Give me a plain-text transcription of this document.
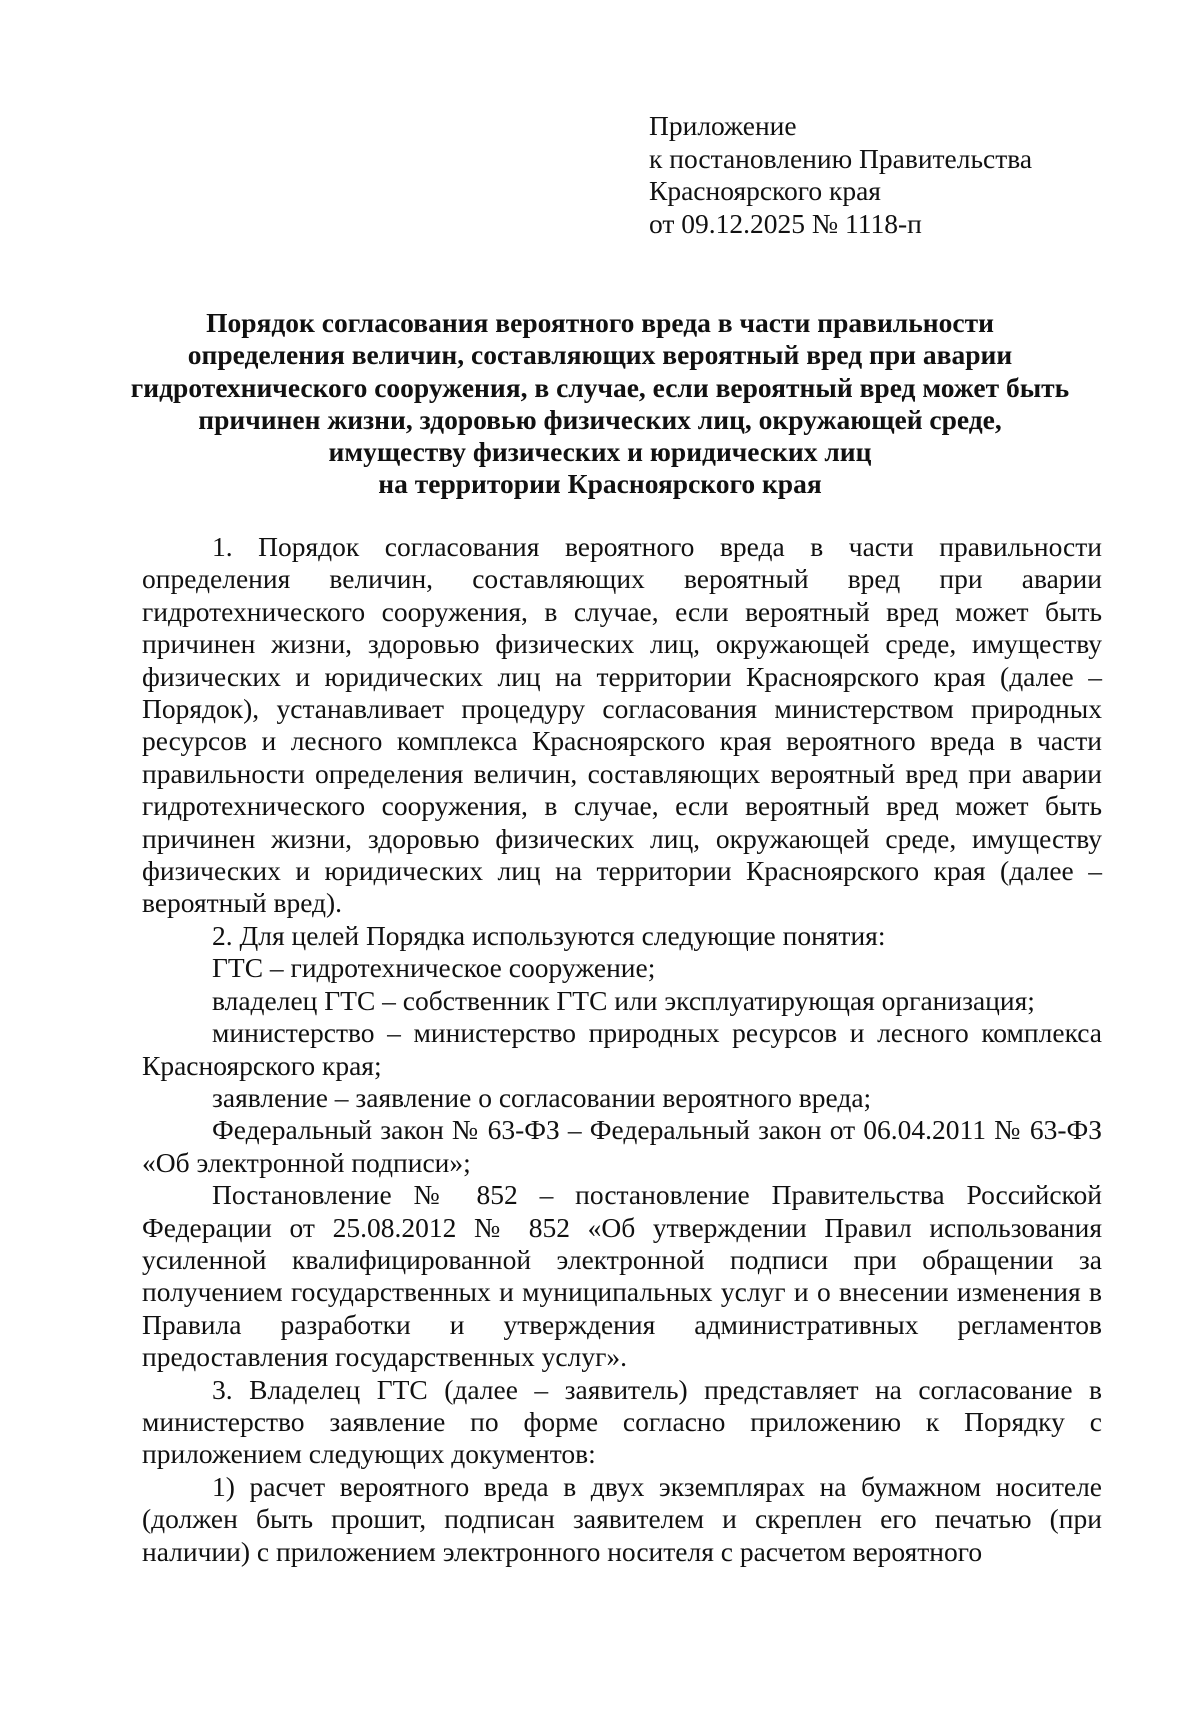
Приложение
к постановлению Правительства
Красноярского края
от 09.12.2025 № 1118-п
Порядок согласования вероятного вреда в части правильности
определения величин, составляющих вероятный вред при аварии
гидротехнического сооружения, в случае, если вероятный вред может быть
причинен жизни, здоровью физических лиц, окружающей среде,
имуществу физических и юридических лиц
на территории Красноярского края

1. Порядок согласования вероятного вреда в части правильности определения величин, составляющих вероятный вред при аварии гидротехнического сооружения, в случае, если вероятный вред может быть причинен жизни, здоровью физических лиц, окружающей среде, имуществу физических и юридических лиц на территории Красноярского края (далее – Порядок), устанавливает процедуру согласования министерством природных ресурсов и лесного комплекса Красноярского края вероятного вреда в части правильности определения величин, составляющих вероятный вред при аварии гидротехнического сооружения, в случае, если вероятный вред может быть причинен жизни, здоровью физических лиц, окружающей среде, имуществу физических и юридических лиц на территории Красноярского края (далее – вероятный вред).

2. Для целей Порядка используются следующие понятия:

ГТС – гидротехническое сооружение;

владелец ГТС – собственник ГТС или эксплуатирующая организация;

министерство – министерство природных ресурсов и лесного комплекса Красноярского края;

заявление – заявление о согласовании вероятного вреда;

Федеральный закон № 63-ФЗ – Федеральный закон от 06.04.2011 № 63-ФЗ «Об электронной подписи»;

Постановление № 852 – постановление Правительства Российской Федерации от 25.08.2012 № 852 «Об утверждении Правил использования усиленной квалифицированной электронной подписи при обращении за получением государственных и муниципальных услуг и о внесении изменения в Правила разработки и утверждения административных регламентов предоставления государственных услуг».

3. Владелец ГТС (далее – заявитель) представляет на согласование в министерство заявление по форме согласно приложению к Порядку с приложением следующих документов:

1) расчет вероятного вреда в двух экземплярах на бумажном носителе (должен быть прошит, подписан заявителем и скреплен его печатью (при наличии) с приложением электронного носителя с расчетом вероятного
